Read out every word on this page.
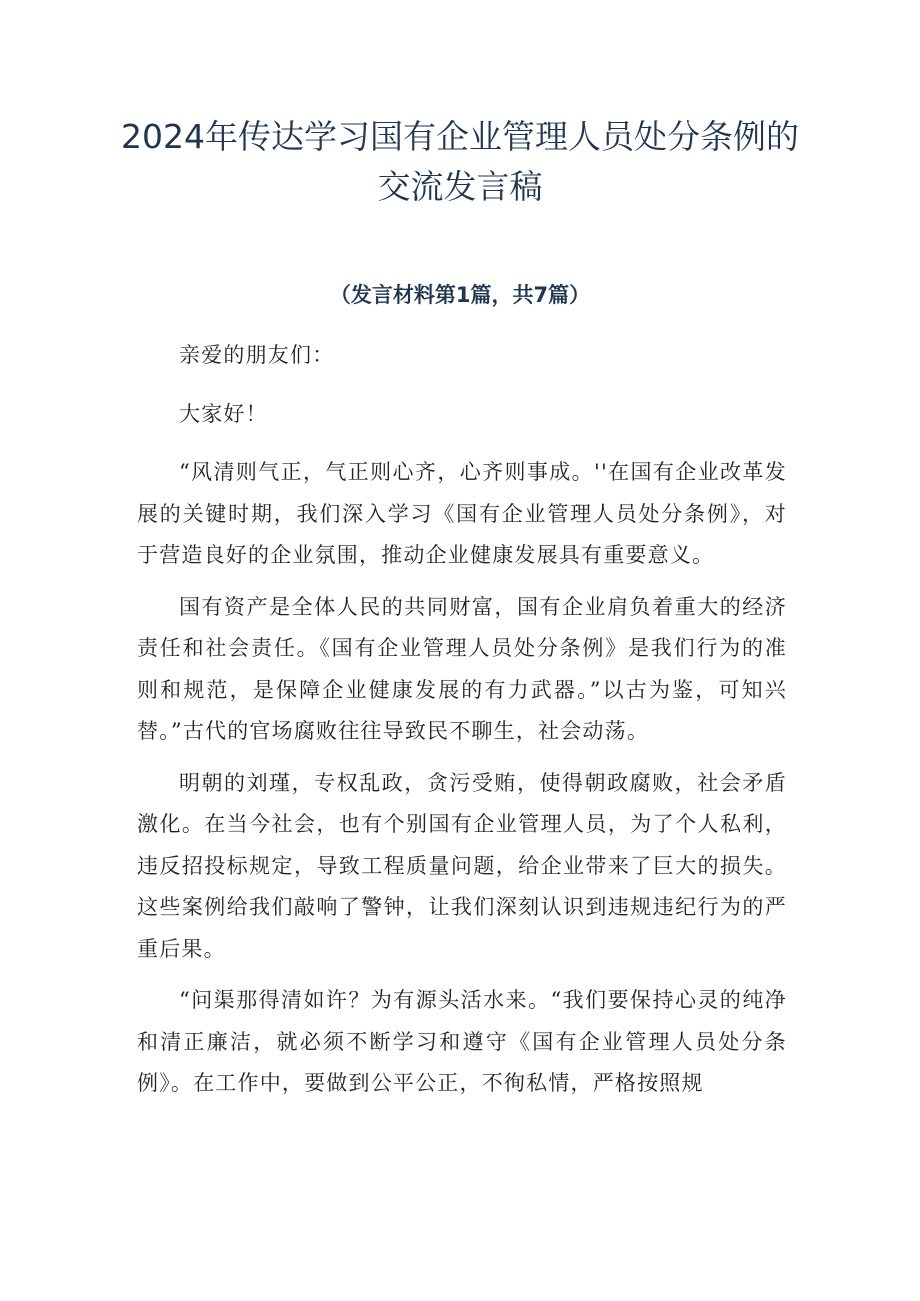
2024年传达学习国有企业管理人员处分条例的交流发言稿
（发言材料第1篇，共7篇）

亲爱的朋友们：

大家好！

“风清则气正，气正则心齐，心齐则事成。''在国有企业改革发展的关键时期，我们深入学习《国有企业管理人员处分条例》，对于营造良好的企业氛围，推动企业健康发展具有重要意义。

国有资产是全体人民的共同财富，国有企业肩负着重大的经济责任和社会责任。《国有企业管理人员处分条例》是我们行为的准则和规范，是保障企业健康发展的有力武器。”以古为鉴，可知兴替。”古代的官场腐败往往导致民不聊生，社会动荡。

明朝的刘瑾，专权乱政，贪污受贿，使得朝政腐败，社会矛盾激化。在当今社会，也有个别国有企业管理人员，为了个人私利，违反招投标规定，导致工程质量问题，给企业带来了巨大的损失。这些案例给我们敲响了警钟，让我们深刻认识到违规违纪行为的严重后果。

“问渠那得清如许？为有源头活水来。“我们要保持心灵的纯净和清正廉洁，就必须不断学习和遵守《国有企业管理人员处分条例》。在工作中，要做到公平公正，不徇私情，严格按照规
